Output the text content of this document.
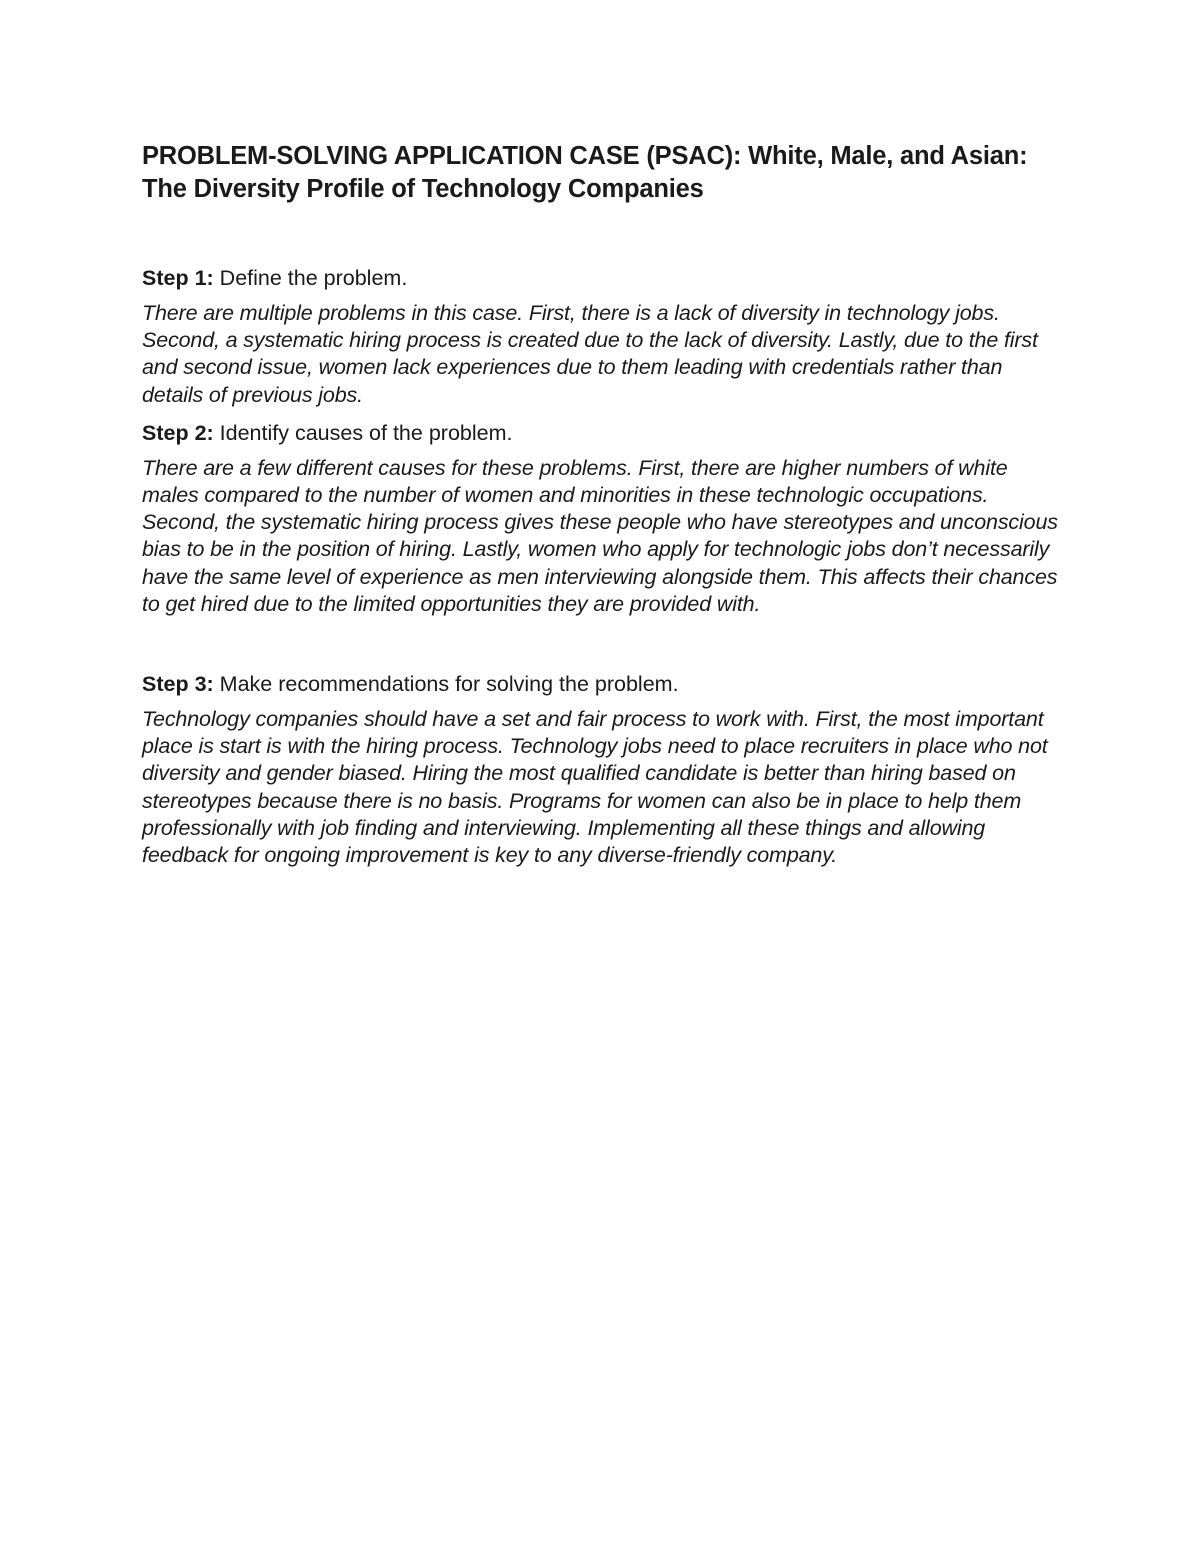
PROBLEM-SOLVING APPLICATION CASE (PSAC): White, Male, and Asian: The Diversity Profile of Technology Companies

Step 1: Define the problem.

There are multiple problems in this case. First, there is a lack of diversity in technology jobs. Second, a systematic hiring process is created due to the lack of diversity. Lastly, due to the first and second issue, women lack experiences due to them leading with credentials rather than details of previous jobs.

Step 2: Identify causes of the problem.

There are a few different causes for these problems. First, there are higher numbers of white males compared to the number of women and minorities in these technologic occupations. Second, the systematic hiring process gives these people who have stereotypes and unconscious bias to be in the position of hiring. Lastly, women who apply for technologic jobs don’t necessarily have the same level of experience as men interviewing alongside them. This affects their chances to get hired due to the limited opportunities they are provided with.

Step 3: Make recommendations for solving the problem.

Technology companies should have a set and fair process to work with. First, the most important place is start is with the hiring process. Technology jobs need to place recruiters in place who not diversity and gender biased. Hiring the most qualified candidate is better than hiring based on stereotypes because there is no basis. Programs for women can also be in place to help them professionally with job finding and interviewing. Implementing all these things and allowing feedback for ongoing improvement is key to any diverse-friendly company.
